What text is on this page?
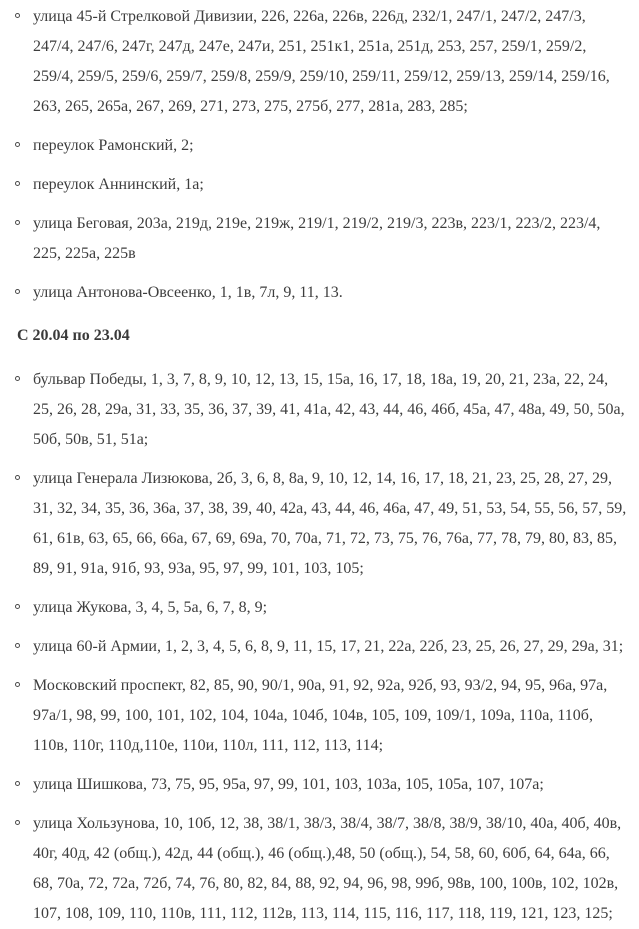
улица 45-й Стрелковой Дивизии, 226, 226а, 226в, 226д, 232/1, 247/1, 247/2, 247/3, 247/4, 247/6, 247г, 247д, 247е, 247и, 251, 251к1, 251а, 251д, 253, 257, 259/1, 259/2, 259/4, 259/5, 259/6, 259/7, 259/8, 259/9, 259/10, 259/11, 259/12, 259/13, 259/14, 259/16, 263, 265, 265а, 267, 269, 271, 273, 275, 275б, 277, 281а, 283, 285;
переулок Рамонский, 2;
переулок Аннинский, 1а;
улица Беговая, 203а, 219д, 219е, 219ж, 219/1, 219/2, 219/3, 223в, 223/1, 223/2, 223/4, 225, 225а, 225в
улица Антонова-Овсеенко, 1, 1в, 7л, 9, 11, 13.

С 20.04 по 23.04

бульвар Победы, 1, 3, 7, 8, 9, 10, 12, 13, 15, 15а, 16, 17, 18, 18а, 19, 20, 21, 23а, 22, 24, 25, 26, 28, 29а, 31, 33, 35, 36, 37, 39, 41, 41а, 42, 43, 44, 46, 46б, 45а, 47, 48а, 49, 50, 50а, 50б, 50в, 51, 51а;
улица Генерала Лизюкова, 2б, 3, 6, 8, 8а, 9, 10, 12, 14, 16, 17, 18, 21, 23, 25, 28, 27, 29, 31, 32, 34, 35, 36, 36а, 37, 38, 39, 40, 42а, 43, 44, 46, 46а, 47, 49, 51, 53, 54, 55, 56, 57, 59, 61, 61в, 63, 65, 66, 66а, 67, 69, 69а, 70, 70а, 71, 72, 73, 75, 76, 76а, 77, 78, 79, 80, 83, 85, 89, 91, 91а, 91б, 93, 93а, 95, 97, 99, 101, 103, 105;
улица Жукова, 3, 4, 5, 5а, 6, 7, 8, 9;
улица 60-й Армии, 1, 2, 3, 4, 5, 6, 8, 9, 11, 15, 17, 21, 22а, 22б, 23, 25, 26, 27, 29, 29а, 31;
Московский проспект, 82, 85, 90, 90/1, 90а, 91, 92, 92а, 92б, 93, 93/2, 94, 95, 96а, 97а, 97а/1, 98, 99, 100, 101, 102, 104, 104а, 104б, 104в, 105, 109, 109/1, 109а, 110а, 110б, 110в, 110г, 110д,110е, 110и, 110л, 111, 112, 113, 114;
улица Шишкова, 73, 75, 95, 95а, 97, 99, 101, 103, 103а, 105, 105а, 107, 107а;
улица Хользунова, 10, 10б, 12, 38, 38/1, 38/3, 38/4, 38/7, 38/8, 38/9, 38/10, 40а, 40б, 40в, 40г, 40д, 42 (общ.), 42д, 44 (общ.), 46 (общ.),48, 50 (общ.), 54, 58, 60, 60б, 64, 64а, 66, 68, 70а, 72, 72а, 72б, 74, 76, 80, 82, 84, 88, 92, 94, 96, 98, 99б, 98в, 100, 100в, 102, 102в, 107, 108, 109, 110, 110в, 111, 112, 112в, 113, 114, 115, 116, 117, 118, 119, 121, 123, 125;
